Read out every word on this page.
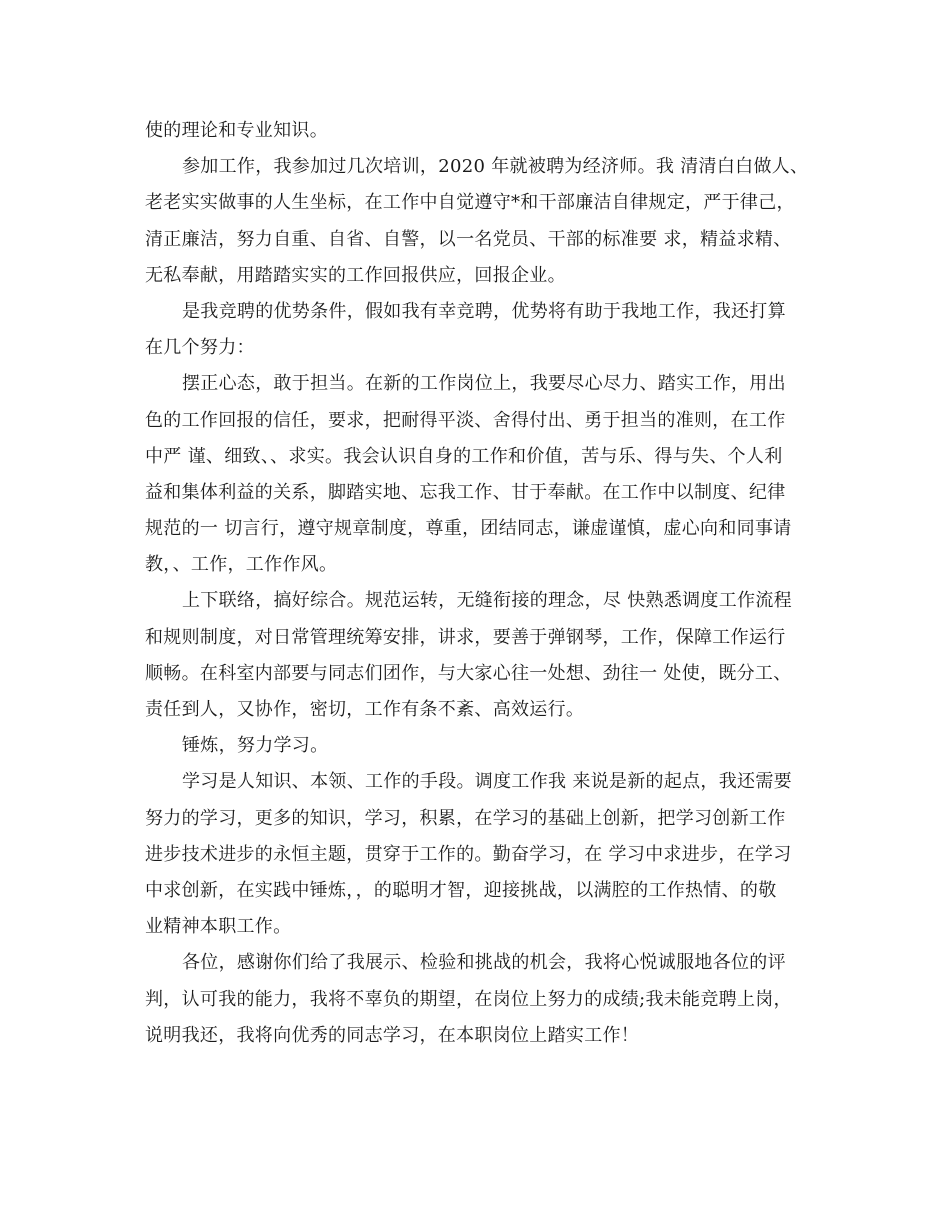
使的理论和专业知识。
参加工作，我参加过几次培训，2020 年就被聘为经济师。我 清清白白做人、
老老实实做事的人生坐标，在工作中自觉遵守*和干部廉洁自律规定，严于律己，
清正廉洁，努力自重、自省、自警，以一名党员、干部的标准要 求，精益求精、
无私奉献，用踏踏实实的工作回报供应，回报企业。
是我竞聘的优势条件，假如我有幸竞聘，优势将有助于我地工作，我还打算
在几个努力：
摆正心态，敢于担当。在新的工作岗位上，我要尽心尽力、踏实工作，用出
色的工作回报的信任，要求，把耐得平淡、舍得付出、勇于担当的准则，在工作
中严 谨、细致、、求实。我会认识自身的工作和价值，苦与乐、得与失、个人利
益和集体利益的关系，脚踏实地、忘我工作、甘于奉献。在工作中以制度、纪律
规范的一 切言行，遵守规章制度，尊重，团结同志，谦虚谨慎，虚心向和同事请
教，、工作，工作作风。
上下联络，搞好综合。规范运转，无缝衔接的理念，尽 快熟悉调度工作流程
和规则制度，对日常管理统筹安排，讲求，要善于弹钢琴，工作，保障工作运行
顺畅。在科室内部要与同志们团作，与大家心往一处想、劲往一 处使，既分工、
责任到人，又协作，密切，工作有条不紊、高效运行。
锤炼，努力学习。
学习是人知识、本领、工作的手段。调度工作我 来说是新的起点，我还需要
努力的学习，更多的知识，学习，积累，在学习的基础上创新，把学习创新工作
进步技术进步的永恒主题，贯穿于工作的。勤奋学习，在 学习中求进步，在学习
中求创新，在实践中锤炼，，的聪明才智，迎接挑战，以满腔的工作热情、的敬
业精神本职工作。
各位，感谢你们给了我展示、检验和挑战的机会，我将心悦诚服地各位的评
判，认可我的能力，我将不辜负的期望，在岗位上努力的成绩;我未能竞聘上岗，
说明我还，我将向优秀的同志学习，在本职岗位上踏实工作！
